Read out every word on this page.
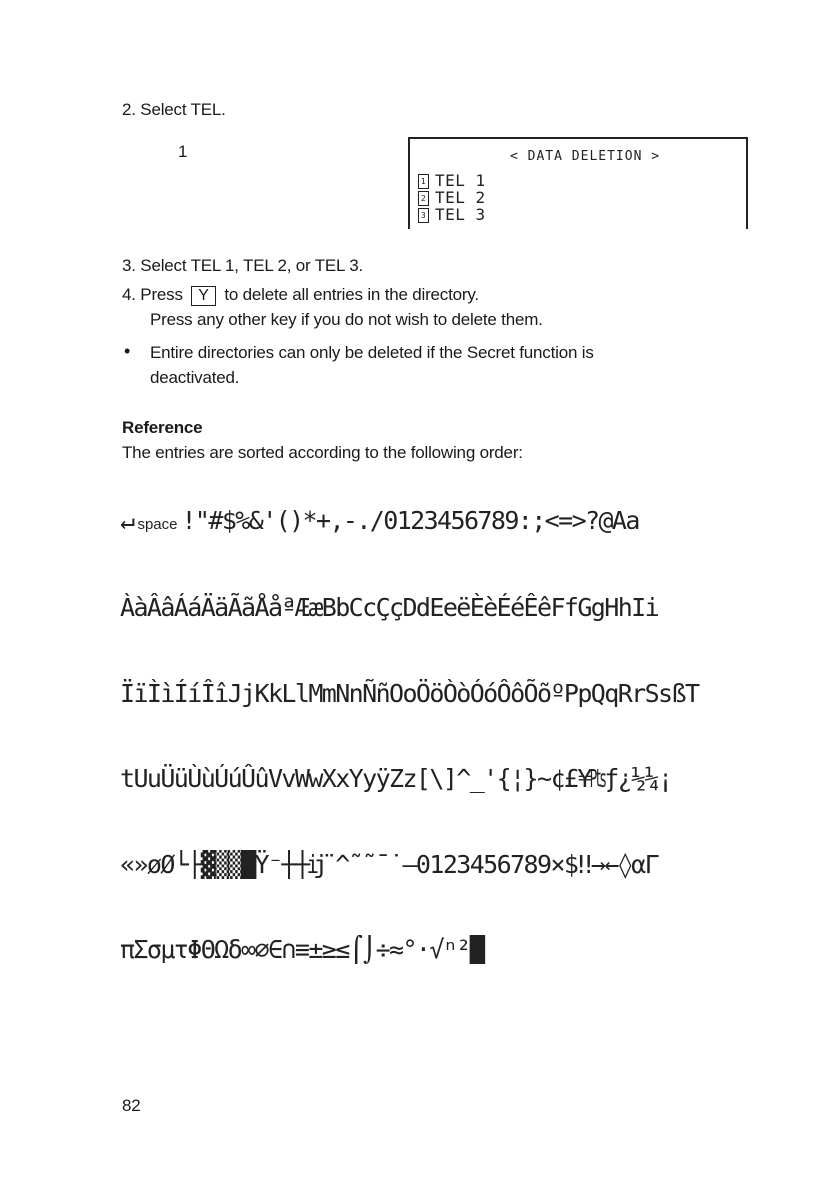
2. Select TEL.
1	< DATA DELETION >
1 TEL 1
2 TEL 2
3 TEL 3
3. Select TEL 1, TEL 2, or TEL 3.
4. Press Y to delete all entries in the directory.
Press any other key if you do not wish to delete them.
• Entire directories can only be deleted if the Secret function is
deactivated.
Reference
The entries are sorted according to the following order:
↵ space !"#$%&'()*+,-./0123456789:;<=>?@Aa
ÀàÂâÁáÄäÃãÅåªÆæBbCcÇçDdEeëÈèÉéÊêFfGgHhIi
ÏïÌìÍíÎîJjKkLlMmNnÑñOoÖöÒòÓóÔôÕõºPpQqRrSsßT
tUuÜüÙùÚúÛûVvWwXxYyÿZz[\]^_'{¦}~¢£¥₧ƒ¿½¼¡
«»øØ└├▓▒▒█Ÿ⁻┼┼ĳ¨^˜˜¯˙–0123456789×$‼→←◊αΓ
πΣσμτΦΘΩδ∞∅∈∩≡±≥≤⌠⌡÷≈°·√ⁿ²█
82
